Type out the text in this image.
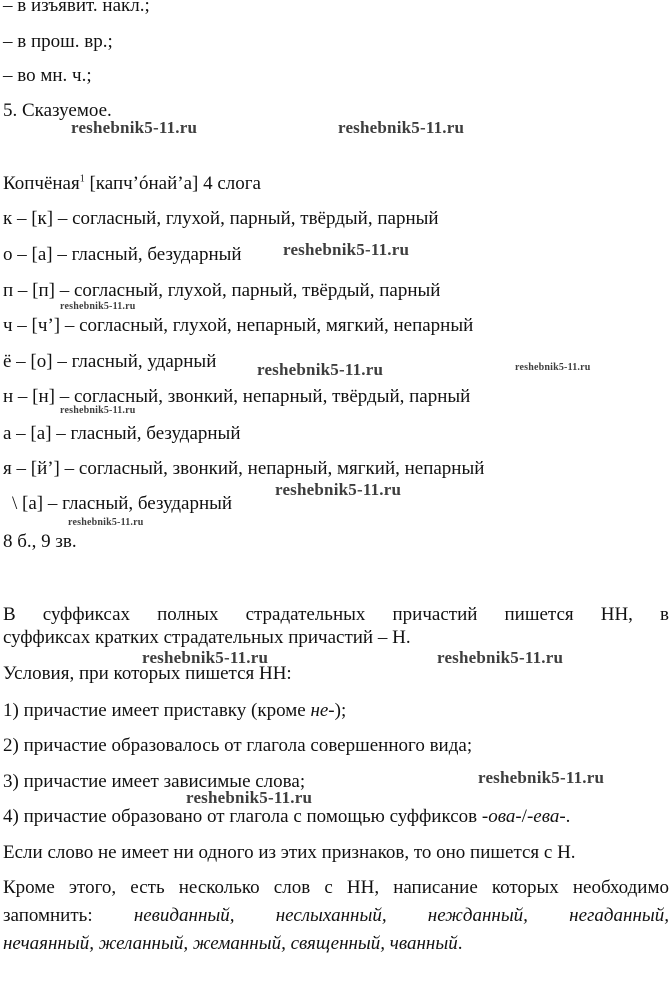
– в изъявит. накл.;
– в прош. вр.;
– во мн. ч.;
5. Сказуемое.
Копчёная$^1$ [капч’óнай’а] 4 слога
к – [к] – согласный, глухой, парный, твёрдый, парный
о – [а] – гласный, безударный
п – [п] – согласный, глухой, парный, твёрдый, парный
ч – [ч’] – согласный, глухой, непарный, мягкий, непарный
ё – [о] – гласный, ударный
н – [н] – согласный, звонкий, непарный, твёрдый, парный
а – [а] – гласный, безударный
я – [й’] – согласный, звонкий, непарный, мягкий, непарный
\ [а] – гласный, безударный
8 б., 9 зв.
В суффиксах полных страдательных причастий пишется НН, в
суффиксах кратких страдательных причастий – Н.
Условия, при которых пишется НН:
1) причастие имеет приставку (кроме не-);
2) причастие образовалось от глагола совершенного вида;
3) причастие имеет зависимые слова;
4) причастие образовано от глагола с помощью суффиксов -ова-/-ева-.
Если слово не имеет ни одного из этих признаков, то оно пишется с Н.
Кроме этого, есть несколько слов с НН, написание которых необходимо
запомнить: невиданный, неслыханный, нежданный, негаданный,
нечаянный, желанный, жеманный, священный, чванный.
reshebnik5-11.ru	reshebnik5-11.ru
reshebnik5-11.ru
reshebnik5-11.ru
reshebnik5-11.ru	reshebnik5-11.ru
reshebnik5-11.ru
reshebnik5-11.ru
reshebnik5-11.ru
reshebnik5-11.ru	reshebnik5-11.ru
reshebnik5-11.ru
reshebnik5-11.ru
